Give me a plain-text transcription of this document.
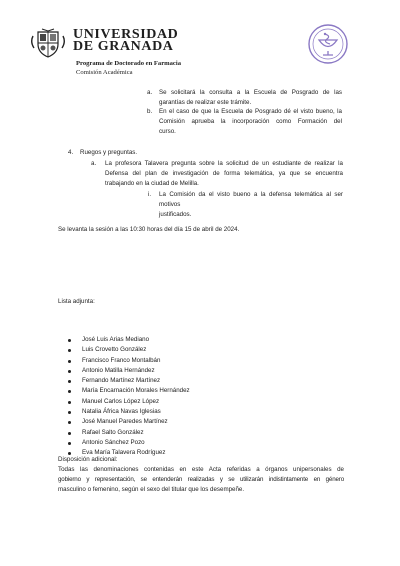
UNIVERSIDAD
DE GRANADA
Programa de Doctorado en Farmacia
Comisión Académica
a. Se solicitará la consulta a la Escuela de Posgrado de las
garantías de realizar este trámite.
b. En el caso de que la Escuela de Posgrado dé el visto bueno, la
Comisión aprueba la incorporación como Formación del
curso.
4. Ruegos y preguntas.
a. La profesora Talavera pregunta sobre la solicitud de un estudiante de realizar la
Defensa del plan de investigación de forma telemática, ya que se encuentra
trabajando en la ciudad de Melilla.
i. La Comisión da el visto bueno a la defensa telemática al ser motivos
justificados.
Se levanta la sesión a las 10:30 horas del día 15 de abril de 2024.
Lista adjunta:
José Luis Arias Mediano
Luis Crovetto González
Francisco Franco Montalbán
Antonio Matilla Hernández
Fernando Martínez Martínez
María Encarnación Morales Hernández
Manuel Carlos López López
Natalia África Navas Iglesias
José Manuel Paredes Martínez
Rafael Salto González
Antonio Sánchez Pozo
Eva María Talavera Rodríguez
Disposición adicional:
Todas las denominaciones contenidas en este Acta referidas a órganos unipersonales de
gobierno y representación, se entenderán realizadas y se utilizarán indistintamente en género
masculino o femenino, según el sexo del titular que los desempeñe.
